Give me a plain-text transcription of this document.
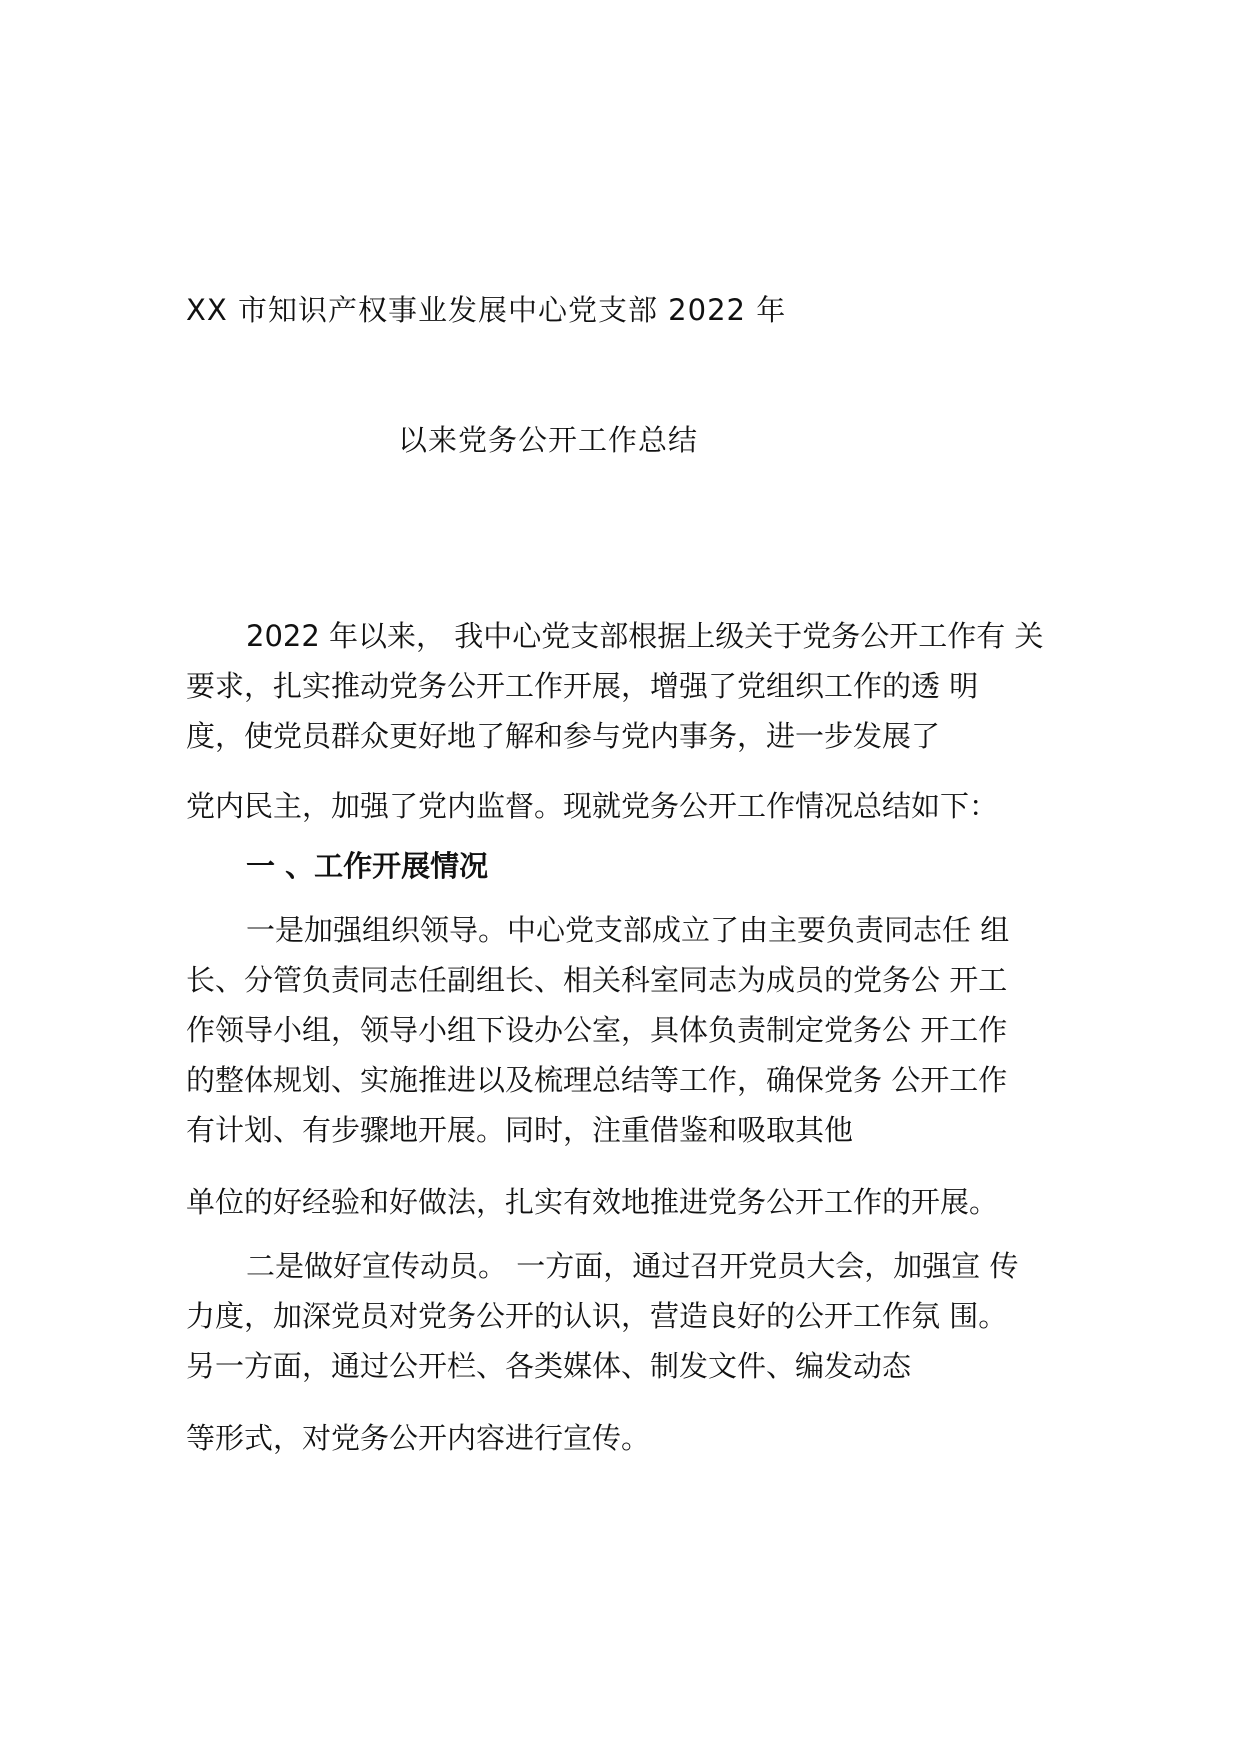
XX 市知识产权事业发展中心党支部 2022 年
以来党务公开工作总结
2022 年以来， 我中心党支部根据上级关于党务公开工作有 关
要求，扎实推动党务公开工作开展，增强了党组织工作的透 明
度，使党员群众更好地了解和参与党内事务，进一步发展了
党内民主，加强了党内监督。现就党务公开工作情况总结如下：
一 、工作开展情况
一是加强组织领导。中心党支部成立了由主要负责同志任 组
长、分管负责同志任副组长、相关科室同志为成员的党务公 开工
作领导小组，领导小组下设办公室，具体负责制定党务公 开工作
的整体规划、实施推进以及梳理总结等工作，确保党务 公开工作
有计划、有步骤地开展。同时，注重借鉴和吸取其他
单位的好经验和好做法，扎实有效地推进党务公开工作的开展。
二是做好宣传动员。 一方面，通过召开党员大会，加强宣 传
力度，加深党员对党务公开的认识，营造良好的公开工作氛 围。
另一方面，通过公开栏、各类媒体、制发文件、编发动态
等形式，对党务公开内容进行宣传。
